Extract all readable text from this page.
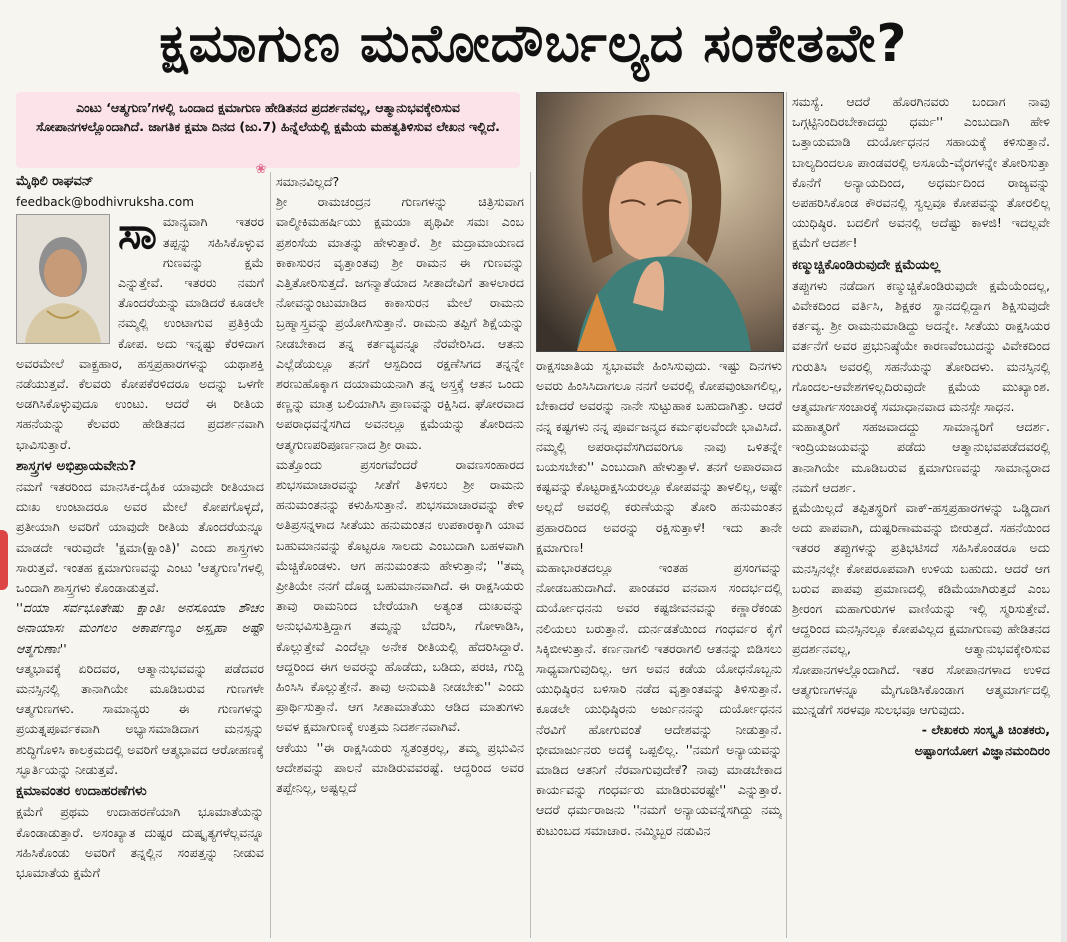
ಕ್ಷಮಾಗುಣ ಮನೋದೌರ್ಬಲ್ಯದ ಸಂಕೇತವೇ?
ಎಂಟು ‘ಆತ್ಮಗುಣ’ಗಳಲ್ಲಿ ಒಂದಾದ ಕ್ಷಮಾಗುಣ ಹೇಡಿತನದ ಪ್ರದರ್ಶನವಲ್ಲ, ಆತ್ಮಾನುಭವಕ್ಕೇರಿಸುವ ಸೋಪಾನಗಳಲ್ಲೊಂದಾಗಿದೆ. ಜಾಗತಿಕ ಕ್ಷಮಾ ದಿನದ (ಜು.7) ಹಿನ್ನೆಲೆಯಲ್ಲಿ ಕ್ಷಮೆಯ ಮಹತ್ವತಿಳಿಸುವ ಲೇಖನ ಇಲ್ಲಿದೆ.
❀
ಮೈಥಿಲಿ ರಾಘವನ್
feedback@bodhivruksha.com

ಸಾಮಾನ್ಯವಾಗಿ ಇತರರ ತಪ್ಪನ್ನು ಸಹಿಸಿಕೊಳ್ಳುವ ಗುಣವನ್ನು ಕ್ಷಮೆ ಎನ್ನುತ್ತೇವೆ. ಇತರರು ನಮಗೆ ತೊಂದರೆಯನ್ನು ಮಾಡಿದರೆ ಕೂಡಲೇ ನಮ್ಮಲ್ಲಿ ಉಂಟಾಗುವ ಪ್ರತಿಕ್ರಿಯೆ ಕೋಪ. ಅದು ಇನ್ನಷ್ಟು ಕೆರಳಿದಾಗ ಅವರಮೇಲೆ ವಾಕ್ಪ್ರಹಾರ, ಹಸ್ತಪ್ರಹಾರಗಳನ್ನು ಯಥಾಶಕ್ತಿ ನಡೆಯುತ್ತವೆ. ಕೆಲವರು ಕೋಪಕೆರಳಿದರೂ ಅದನ್ನು ಒಳಗೇ ಅಡಗಿಸಿಕೊಳ್ಳುವುದೂ ಉಂಟು. ಆದರೆ ಈ ರೀತಿಯ ಸಹನೆಯನ್ನು ಕೆಲವರು ಹೇಡಿತನದ ಪ್ರದರ್ಶನವಾಗಿ ಭಾವಿಸುತ್ತಾರೆ.

ಶಾಸ್ತ್ರಗಳ ಅಭಿಪ್ರಾಯವೇನು?

ನಮಗೆ ಇತರರಿಂದ ಮಾನಸಿಕ-ದೈಹಿಕ ಯಾವುದೇ ರೀತಿಯಾದ ದುಃಖ ಉಂಟಾದರೂ ಅವರ ಮೇಲೆ ಕೋಪಗೊಳ್ಳದೆ, ಪ್ರತೀಯಾಗಿ ಅವರಿಗೆ ಯಾವುದೇ ರೀತಿಯ ತೊಂದರೆಯನ್ನೂ ಮಾಡದೇ ಇರುವುದೇ 'ಕ್ಷಮಾ(ಕ್ಷಾಂತಿ)' ಎಂದು ಶಾಸ್ತ್ರಗಳು ಸಾರುತ್ತವೆ. ಇಂತಹ ಕ್ಷಮಾಗುಣವನ್ನು ಎಂಟು 'ಆತ್ಮಗುಣ'ಗಳಲ್ಲಿ ಒಂದಾಗಿ ಶಾಸ್ತ್ರಗಳು ಕೊಂಡಾಡುತ್ತವೆ.

''ದಯಾ ಸರ್ವಭೂತೇಷು ಕ್ಷಾಂತಿಃ ಅನಸೂಯಾ ಶೌಚಂ ಅನಾಯಾಸಃ ಮಂಗಲಂ ಅಕಾರ್ಪಣ್ಯಂ ಅಸ್ಪೃಹಾ ಅಷ್ಟೌ ಆತ್ಮಗುಣಾಃ''

ಆತ್ಮಭಾವಕ್ಕೆ ಏರಿದವರ, ಆತ್ಮಾನುಭವವನ್ನು ಪಡೆದವರ ಮನಸ್ಸಿನಲ್ಲಿ ತಾನಾಗಿಯೇ ಮೂಡಿಬರುವ ಗುಣಗಳೇ ಆತ್ಮಗುಣಗಳು. ಸಾಮಾನ್ಯರು ಈ ಗುಣಗಳನ್ನು ಪ್ರಯತ್ನಪೂರ್ವಕವಾಗಿ ಅಭ್ಯಾಸಮಾಡಿದಾಗ ಮನಸ್ಸನ್ನು ಶುದ್ಧಿಗೊಳಿಸಿ ಕಾಲಕ್ರಮದಲ್ಲಿ ಅವರಿಗೆ ಆತ್ಮಭಾವದ ಆರೋಹಣಕ್ಕೆ ಸ್ಫೂರ್ತಿಯನ್ನು ನೀಡುತ್ತವೆ.

ಕ್ಷಮಾವಂತರ ಉದಾಹರಣೆಗಳು

ಕ್ಷಮೆಗೆ ಪ್ರಥಮ ಉದಾಹರಣೆಯಾಗಿ ಭೂಮಾತೆಯನ್ನು ಕೊಂಡಾಡುತ್ತಾರೆ. ಅಸಂಖ್ಯಾತ ದುಷ್ಟರ ದುಷ್ಕೃತ್ಯಗಳೆಲ್ಲವನ್ನೂ ಸಹಿಸಿಕೊಂಡು ಅವರಿಗೆ ತನ್ನಲ್ಲಿನ ಸಂಪತ್ತನ್ನು ನೀಡುವ ಭೂಮಾತೆಯ ಕ್ಷಮೆಗೆ

ಸಮಾನವಿಲ್ಲದೆ?

ಶ್ರೀ ರಾಮಚಂದ್ರನ ಗುಣಗಳನ್ನು ಚಿತ್ರಿಸುವಾಗ ವಾಲ್ಮೀಕಿಮಹರ್ಷಿಯು ಕ್ಷಮಯಾ ಪೃಥಿವೀ ಸಮಃ ಎಂಬ ಪ್ರಶಂಸೆಯ ಮಾತನ್ನು ಹೇಳುತ್ತಾರೆ. ಶ್ರೀ ಮದ್ರಾಮಾಯಣದ ಕಾಕಾಸುರನ ವೃತ್ತಾಂತವು ಶ್ರೀ ರಾಮನ ಈ ಗುಣವನ್ನು ಎತ್ತಿತೋರಿಸುತ್ತದೆ. ಜಗನ್ಮಾತೆಯಾದ ಸೀತಾದೇವಿಗೆ ತಾಳಲಾರದ ನೋವನ್ನುಂಟುಮಾಡಿದ ಕಾಕಾಸುರನ ಮೇಲೆ ರಾಮನು ಬ್ರಹ್ಮಾಸ್ತ್ರವನ್ನು ಪ್ರಯೋಗಿಸುತ್ತಾನೆ. ರಾಮನು ತಪ್ಪಿಗೆ ಶಿಕ್ಷೆಯನ್ನು ನೀಡಬೇಕಾದ ತನ್ನ ಕರ್ತವ್ಯವನ್ನೂ ನೆರವೇರಿಸಿದ. ಆತನು ಎಲ್ಲೆಡೆಯಲ್ಲೂ ತನಗೆ ಆಸ್ಪದಿಂದ ರಕ್ಷಣೆಸಿಗದ ತನ್ನನ್ನೇ ಶರಣುಹೊಕ್ಕಾಗ ದಯಾಮಯನಾಗಿ ತನ್ನ ಅಸ್ತ್ರಕ್ಕೆ ಆತನ ಒಂದು ಕಣ್ಣನ್ನು ಮಾತ್ರ ಬಲಿಯಾಗಿಸಿ ಪ್ರಾಣವನ್ನು ರಕ್ಷಿಸಿದ. ಘೋರವಾದ ಅಪರಾಧವನ್ನೆಸಗಿದ ಅವನಲ್ಲೂ ಕ್ಷಮೆಯನ್ನು ತೋರಿದನು ಆತ್ಮಗುಣಪರಿಪೂರ್ಣನಾದ ಶ್ರೀ ರಾಮ.

ಮತ್ತೊಂದು ಪ್ರಸಂಗವೆಂದರೆ ರಾವಣಸಂಹಾರದ ಶುಭಸಮಾಚಾರವನ್ನು ಸೀತೆಗೆ ತಿಳಿಸಲು ಶ್ರೀ ರಾಮನು ಹನುಮಂತನನ್ನು ಕಳುಹಿಸುತ್ತಾನೆ. ಶುಭಸಮಾಚಾರವನ್ನು ಕೇಳಿ ಅತಿಪ್ರಸನ್ನಳಾದ ಸೀತೆಯು ಹನುಮಂತನ ಉಪಕಾರಕ್ಕಾಗಿ ಯಾವ ಬಹುಮಾನವನ್ನು ಕೊಟ್ಟರೂ ಸಾಲದು ಎಂಬುದಾಗಿ ಬಹಳವಾಗಿ ಮೆಚ್ಚಿಕೊಂಡಳು. ಆಗ ಹನುಮಂತನು ಹೇಳುತ್ತಾನೆ; ''ತಮ್ಮ ಪ್ರೀತಿಯೇ ನನಗೆ ದೊಡ್ಡ ಬಹುಮಾನವಾಗಿದೆ. ಈ ರಾಕ್ಷಸಿಯರು ತಾವು ರಾಮನಿಂದ ಬೇರೆಯಾಗಿ ಅತ್ಯಂತ ದುಃಖವನ್ನು ಅನುಭವಿಸುತ್ತಿದ್ದಾಗ ತಮ್ಮನ್ನು ಬೆದರಿಸಿ, ಗೋಳಾಡಿಸಿ, ಕೊಲ್ಲುತ್ತೇವೆ ಎಂದೆಲ್ಲಾ ಅನೇಕ ರೀತಿಯಲ್ಲಿ ಹೆದರಿಸಿದ್ದಾರೆ. ಆದ್ದರಿಂದ ಈಗ ಅವರನ್ನು ಹೊಡೆದು, ಬಡಿದು, ಪರಚಿ, ಗುದ್ದಿ ಹಿಂಸಿಸಿ ಕೊಲ್ಲುತ್ತೇನೆ. ತಾವು ಅನುಮತಿ ನೀಡಬೇಕು'' ಎಂದು ಪ್ರಾರ್ಥಿಸುತ್ತಾನೆ. ಆಗ ಸೀತಾಮಾತೆಯು ಆಡಿದ ಮಾತುಗಳು ಅವಳ ಕ್ಷಮಾಗುಣಕ್ಕೆ ಉತ್ತಮ ನಿದರ್ಶನವಾಗಿವೆ.

ಆಕೆಯು ''ಈ ರಾಕ್ಷಸಿಯರು ಸ್ವತಂತ್ರರಲ್ಲ, ತಮ್ಮ ಪ್ರಭುವಿನ ಆದೇಶವನ್ನು ಪಾಲನೆ ಮಾಡಿರುವವರಷ್ಟೆ. ಆದ್ದರಿಂದ ಅವರ ತಪ್ಪೇನಿಲ್ಲ, ಅಷ್ಟಲ್ಲದೆ

ರಾಕ್ಷಸಜಾತಿಯ ಸ್ವಭಾವವೇ ಹಿಂಸಿಸುವುದು. ಇಷ್ಟು ದಿನಗಳು ಅವರು ಹಿಂಸಿಸಿದಾಗಲೂ ನನಗೆ ಅವರಲ್ಲಿ ಕೋಪವುಂಟಾಗಲಿಲ್ಲ, ಬೇಕಾದರೆ ಅವರನ್ನು ನಾನೇ ಸುಟ್ಟುಹಾಕ ಬಹುದಾಗಿತ್ತು. ಆದರೆ ನನ್ನ ಕಷ್ಟಗಳು ನನ್ನ ಪೂರ್ವಜನ್ಮದ ಕರ್ಮಫಲವೆಂದೇ ಭಾವಿಸಿದೆ. ನಮ್ಮಲ್ಲಿ ಅಪರಾಧವೆಸಗಿದವರಿಗೂ ನಾವು ಒಳಿತನ್ನೇ ಬಯಸಬೇಕು'' ಎಂಬುದಾಗಿ ಹೇಳುತ್ತಾಳೆ. ತನಗೆ ಅಪಾರವಾದ ಕಷ್ಟವನ್ನು ಕೊಟ್ಟರಾಕ್ಷಸಿಯರಲ್ಲೂ ಕೋಪವನ್ನು ತಾಳಲಿಲ್ಲ, ಅಷ್ಟೇ ಅಲ್ಲದೆ ಅವರಲ್ಲಿ ಕರುಣೆಯನ್ನು ತೋರಿ ಹನುಮಂತನ ಪ್ರಹಾರದಿಂದ ಅವರನ್ನು ರಕ್ಷಿಸುತ್ತಾಳೆ! ಇದು ತಾನೇ ಕ್ಷಮಾಗುಣ!

ಮಹಾಭಾರತದಲ್ಲೂ ಇಂತಹ ಪ್ರಸಂಗವನ್ನು ನೋಡಬಹುದಾಗಿದೆ. ಪಾಂಡವರ ವನವಾಸ ಸಂದರ್ಭದಲ್ಲಿ ದುರ್ಯೋಧನನು ಅವರ ಕಷ್ಟಜೀವನವನ್ನು ಕಣ್ಣಾರೆಕಂಡು ನಲಿಯಲು ಬರುತ್ತಾನೆ. ದುರ್ನಡತೆಯಿಂದ ಗಂಧರ್ವರ ಕೈಗೆ ಸಿಕ್ಕಿಬೀಳುತ್ತಾನೆ. ಕರ್ಣನಾಗಲಿ ಇತರರಾಗಲಿ ಆತನನ್ನು ಬಿಡಿಸಲು ಸಾಧ್ಯವಾಗುವುದಿಲ್ಲ. ಆಗ ಅವನ ಕಡೆಯ ಯೋಧನೊಬ್ಬನು ಯುಧಿಷ್ಠಿರನ ಬಳಿಸಾರಿ ನಡೆದ ವೃತ್ತಾಂತವನ್ನು ತಿಳಿಸುತ್ತಾನೆ. ಕೂಡಲೇ ಯುಧಿಷ್ಠಿರನು ಅರ್ಜುನನನ್ನು ದುರ್ಯೋಧನನ ನೆರವಿಗೆ ಹೋಗುವಂತೆ ಆದೇಶವನ್ನು ನೀಡುತ್ತಾನೆ. ಭೀಮಾರ್ಜುನರು ಅದಕ್ಕೆ ಒಪ್ಪಲಿಲ್ಲ. ''ನಮಗೆ ಅನ್ಯಾಯವನ್ನು ಮಾಡಿದ ಆತನಿಗೆ ನೆರವಾಗುವುದೇಕೆ? ನಾವು ಮಾಡಬೇಕಾದ ಕಾರ್ಯವನ್ನು ಗಂಧರ್ವರು ಮಾಡಿರುವರಷ್ಟೇ'' ಎನ್ನುತ್ತಾರೆ. ಆದರೆ ಧರ್ಮರಾಜನು ''ನಮಗೆ ಅನ್ಯಾಯವನ್ನೆಸಗಿದ್ದು ನಮ್ಮ ಕುಟುಂಬದ ಸಮಾಚಾರ. ನಮ್ಮಿಬ್ಬರ ನಡುವಿನ

ಸಮಸ್ಯೆ. ಆದರೆ ಹೊರಗಿನವರು ಬಂದಾಗ ನಾವು ಒಗ್ಗಟ್ಟಿನಿಂದಿರಬೇಕಾದದ್ದು ಧರ್ಮ'' ಎಂಬುದಾಗಿ ಹೇಳಿ ಒತ್ತಾಯಮಾಡಿ ದುರ್ಯೋಧನನ ಸಹಾಯಕ್ಕೆ ಕಳಿಸುತ್ತಾನೆ. ಬಾಲ್ಯದಿಂದಲೂ ಪಾಂಡವರಲ್ಲಿ ಅಸೂಯೆ-ವೈರಗಳನ್ನೇ ತೋರಿಸುತ್ತಾ ಕೊನೆಗೆ ಅನ್ಯಾಯದಿಂದ, ಅಧರ್ಮದಿಂದ ರಾಜ್ಯವನ್ನು ಅಪಹರಿಸಿಕೊಂಡ ಕೌರವನಲ್ಲಿ ಸ್ವಲ್ಪವೂ ಕೋಪವನ್ನು ತೋರಲಿಲ್ಲ ಯುಧಿಷ್ಠಿರ. ಬದಲಿಗೆ ಅವನಲ್ಲಿ ಅದೆಷ್ಟು ಕಾಳಜಿ! ಇದಲ್ಲವೇ ಕ್ಷಮೆಗೆ ಆದರ್ಶ!

ಕಣ್ಮುಚ್ಚಿಕೊಂಡಿರುವುದೇ ಕ್ಷಮೆಯಲ್ಲ

ತಪ್ಪುಗಳು ನಡೆದಾಗ ಕಣ್ಮುಚ್ಚಿಕೊಂಡಿರುವುದೇ ಕ್ಷಮೆಯೆಂದಲ್ಲ, ವಿವೇಕದಿಂದ ವರ್ತಿಸಿ, ಶಿಕ್ಷಕರ ಸ್ಥಾನದಲ್ಲಿದ್ದಾಗ ಶಿಕ್ಷಿಸುವುದೇ ಕರ್ತವ್ಯ. ಶ್ರೀ ರಾಮನುಮಾಡಿದ್ದು ಅದನ್ನೇ. ಸೀತೆಯು ರಾಕ್ಷಸಿಯರ ವರ್ತನೆಗೆ ಅವರ ಪ್ರಭುನಿಷ್ಠೆಯೇ ಕಾರಣವೆಂಬುದನ್ನು ವಿವೇಕದಿಂದ ಗುರುತಿಸಿ ಅವರಲ್ಲಿ ಸಹನೆಯನ್ನು ತೋರಿದಳು. ಮನಸ್ಸಿನಲ್ಲಿ ಗೊಂದಲ-ಆವೇಶಗಳಿಲ್ಲದಿರುವುದೇ ಕ್ಷಮೆಯ ಮುಖ್ಯಾಂಶ. ಆತ್ಮಮಾರ್ಗಸಂಚಾರಕ್ಕೆ ಸಮಾಧಾನವಾದ ಮನಸ್ಸೇ ಸಾಧನ.

ಮಹಾತ್ಮರಿಗೆ ಸಹಜವಾದದ್ದು ಸಾಮಾನ್ಯರಿಗೆ ಆದರ್ಶ. ಇಂದ್ರಿಯಜಯವನ್ನು ಪಡೆದು ಆತ್ಮಾನುಭವಪಡೆದವರಲ್ಲಿ ತಾನಾಗಿಯೇ ಮೂಡಿಬರುವ ಕ್ಷಮಾಗುಣವನ್ನು ಸಾಮಾನ್ಯರಾದ ನಮಗೆ ಆದರ್ಶ.

ಕ್ಷಮೆಯಿಲ್ಲದೆ ತಪ್ಪಿತಸ್ಥರಿಗೆ ವಾಕ್-ಹಸ್ತಪ್ರಹಾರಗಳನ್ನು ಒಡ್ಡಿದಾಗ ಅದು ಪಾಪವಾಗಿ, ದುಷ್ಪರಿಣಾಮವನ್ನು ಬೀರುತ್ತದೆ. ಸಹನೆಯಿಂದ ಇತರರ ತಪ್ಪುಗಳನ್ನು ಪ್ರತಿಭಟಿಸದೆ ಸಹಿಸಿಕೊಂಡರೂ ಅದು ಮನಸ್ಸಿನಲ್ಲೇ ಕೋಪರೂಪವಾಗಿ ಉಳಿಯ ಬಹುದು. ಆದರೆ ಆಗ ಬರುವ ಪಾಪವು ಪ್ರಮಾಣದಲ್ಲಿ ಕಡಿಮೆಯಾಗಿರುತ್ತದೆ ಎಂಬ ಶ್ರೀರಂಗ ಮಹಾಗುರುಗಳ ವಾಣಿಯನ್ನು ಇಲ್ಲಿ ಸ್ಮರಿಸುತ್ತೇವೆ. ಆದ್ದರಿಂದ ಮನಸ್ಸಿನಲ್ಲೂ ಕೋಪವಿಲ್ಲದ ಕ್ಷಮಾಗುಣವು ಹೇಡಿತನದ ಪ್ರದರ್ಶನವಲ್ಲ, ಆತ್ಮಾನುಭವಕ್ಕೇರಿಸುವ ಸೋಪಾನಗಳಲ್ಲೊಂದಾಗಿದೆ. ಇತರ ಸೋಪಾನಗಳಾದ ಉಳಿದ ಆತ್ಮಗುಣಗಳನ್ನೂ ಮೈಗೂಡಿಸಿಕೊಂಡಾಗ ಆತ್ಮಮಾರ್ಗದಲ್ಲಿ ಮುನ್ನಡೆಗೆ ಸರಳವೂ ಸುಲಭವೂ ಆಗುವುದು.

- ಲೇಖಕರು ಸಂಸ್ಕೃತಿ ಚಿಂತಕರು,
ಅಷ್ಟಾಂಗಯೋಗ ವಿಜ್ಞಾನಮಂದಿರಂ
